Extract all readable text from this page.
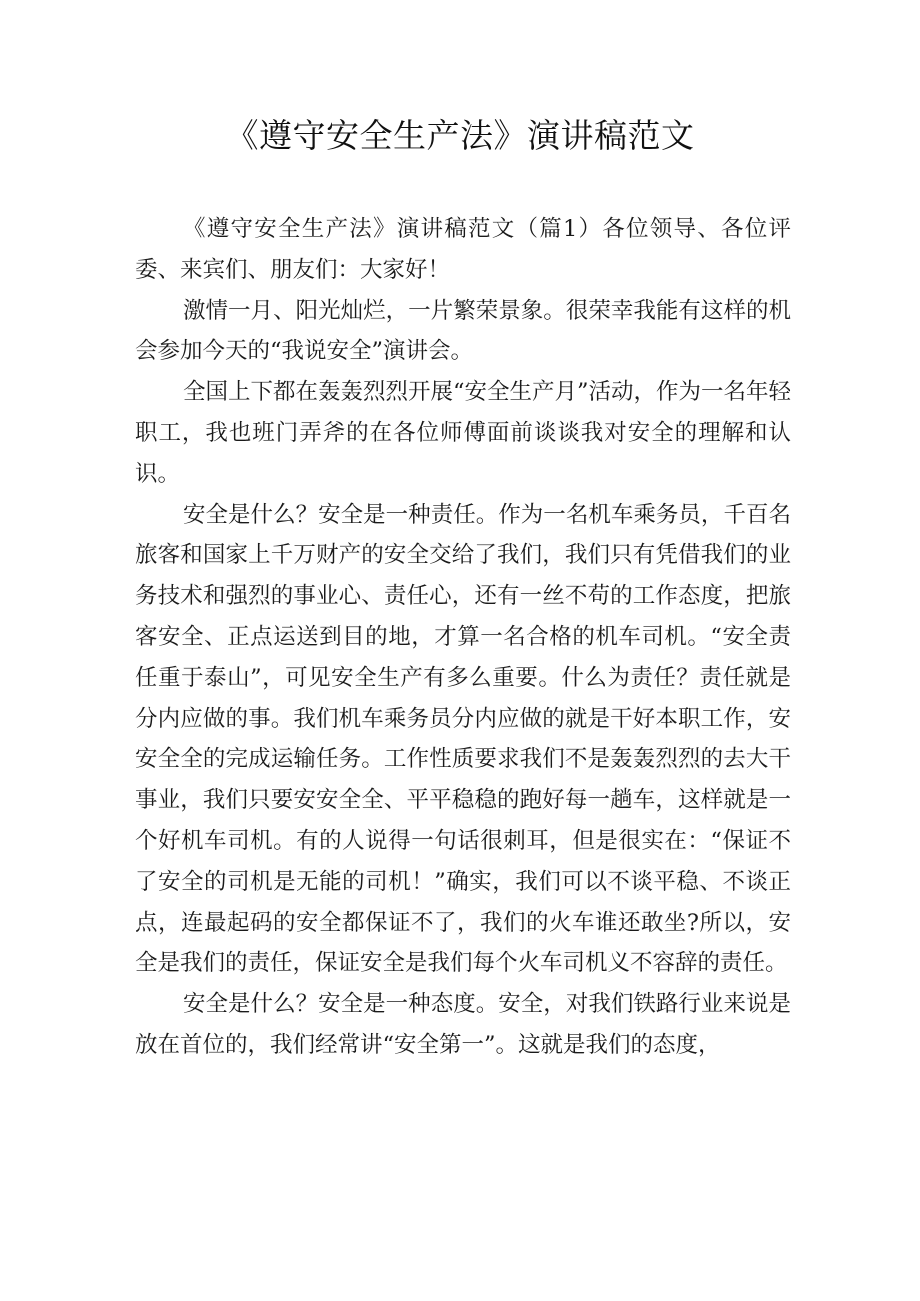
《遵守安全生产法》演讲稿范文

《遵守安全生产法》演讲稿范文（篇1）各位领导、各位评委、来宾们、朋友们：大家好！

激情一月、阳光灿烂，一片繁荣景象。很荣幸我能有这样的机会参加今天的“我说安全”演讲会。

全国上下都在轰轰烈烈开展“安全生产月”活动，作为一名年轻职工，我也班门弄斧的在各位师傅面前谈谈我对安全的理解和认识。

安全是什么？安全是一种责任。作为一名机车乘务员，千百名旅客和国家上千万财产的安全交给了我们，我们只有凭借我们的业务技术和强烈的事业心、责任心，还有一丝不苟的工作态度，把旅客安全、正点运送到目的地，才算一名合格的机车司机。“安全责任重于泰山”，可见安全生产有多么重要。什么为责任？责任就是分内应做的事。我们机车乘务员分内应做的就是干好本职工作，安安全全的完成运输任务。工作性质要求我们不是轰轰烈烈的去大干事业，我们只要安安全全、平平稳稳的跑好每一趟车，这样就是一个好机车司机。有的人说得一句话很刺耳，但是很实在：“保证不了安全的司机是无能的司机！”确实，我们可以不谈平稳、不谈正点，连最起码的安全都保证不了，我们的火车谁还敢坐?所以，安全是我们的责任，保证安全是我们每个火车司机义不容辞的责任。

安全是什么？安全是一种态度。安全，对我们铁路行业来说是放在首位的，我们经常讲“安全第一”。这就是我们的态度，
